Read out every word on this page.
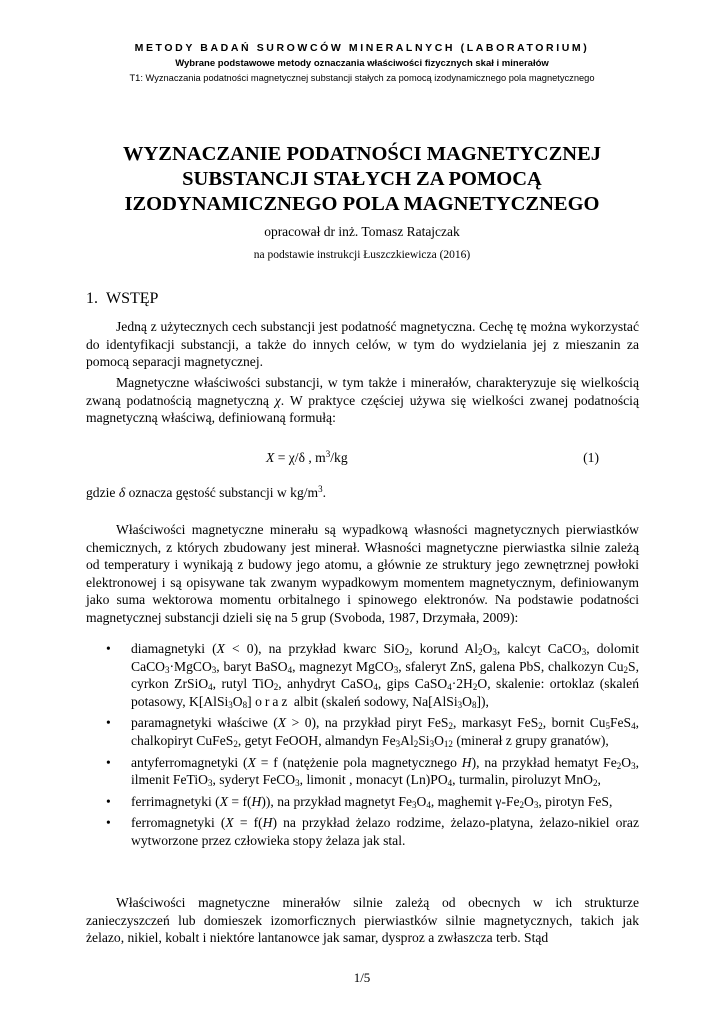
METODY BADAŃ SUROWCÓW MINERALNYCH (LABORATORIUM)
Wybrane podstawowe metody oznaczania właściwości fizycznych skał i minerałów
T1: Wyznaczania podatności magnetycznej substancji stałych za pomocą izodynamicznego pola magnetycznego
WYZNACZANIE PODATNOŚCI MAGNETYCZNEJ
SUBSTANCJI STAŁYCH ZA POMOCĄ
IZODYNAMICZNEGO POLA MAGNETYCZNEGO
opracował dr inż. Tomasz Ratajczak
na podstawie instrukcji Łuszczkiewicza (2016)
1. WSTĘP

Jedną z użytecznych cech substancji jest podatność magnetyczna. Cechę tę można wykorzystać do identyfikacji substancji, a także do innych celów, w tym do wydzielania jej z mieszanin za pomocą separacji magnetycznej.

Magnetyczne właściwości substancji, w tym także i minerałów, charakteryzuje się wielkością zwaną podatnością magnetyczną χ. W praktyce częściej używa się wielkości zwanej podatnością magnetyczną właściwą, definiowaną formułą:

X = χ/δ , $m^3/kg$	(1)

gdzie δ oznacza gęstość substancji w $kg/m^3$.

Właściwości magnetyczne minerału są wypadkową własności magnetycznych pierwiastków chemicznych, z których zbudowany jest minerał. Własności magnetyczne pierwiastka silnie zależą od temperatury i wynikają z budowy jego atomu, a głównie ze struktury jego zewnętrznej powłoki elektronowej i są opisywane tak zwanym wypadkowym momentem magnetycznym, definiowanym jako suma wektorowa momentu orbitalnego i spinowego elektronów. Na podstawie podatności magnetycznej substancji dzieli się na 5 grup (Svoboda, 1987, Drzymała, 2009):

• diamagnetyki (X < 0), na przykład kwarc SiO$_2$, korund $Al_2O_3$, kalcyt CaCO$_3$, dolomit CaCO$_3$·MgCO$_3$, baryt BaSO$_4$, magnezyt MgCO$_3$, sfaleryt ZnS, galena PbS, chalkozyn $Cu_2S$, cyrkon ZrSiO$_4$, rutyl TiO$_2$, anhydryt CaSO$_4$, gips $CaSO_4\cdot 2H_2O$, skalenie: ortoklaz (skaleń potasowy, $K[AlSi_3O_8]$ oraz albit (skaleń sodowy, $Na[AlSi_3O_8]$),
• paramagnetyki właściwe (X > 0), na przykład piryt FeS$_2$, markasyt FeS$_2$, bornit $Cu_5FeS_4$, chalkopiryt CuFeS$_2$, getyt FeOOH, almandyn $Fe_3Al_2Si_3O_{12}$ (minerał z grupy granatów),
• antyferromagnetyki (X = f (natężenie pola magnetycznego H), na przykład hematyt $Fe_2O_3$, ilmenit FeTiO$_3$, syderyt FeCO$_3$, limonit , monacyt $(Ln)PO_4$, turmalin, piroluzyt MnO$_2$,
• ferrimagnetyki (X = f(H)), na przykład magnetyt $Fe_3O_4$, maghemit $\gamma-Fe_2O_3$, pirotyn FeS,
• ferromagnetyki (X = f(H) na przykład żelazo rodzime, żelazo-platyna, żelazo-nikiel oraz wytworzone przez człowieka stopy żelaza jak stal.

Właściwości magnetyczne minerałów silnie zależą od obecnych w ich strukturze zanieczyszczeń lub domieszek izomorficznych pierwiastków silnie magnetycznych, takich jak żelazo, nikiel, kobalt i niektóre lantanowce jak samar, dysproz a zwłaszcza terb. Stąd

1/5
